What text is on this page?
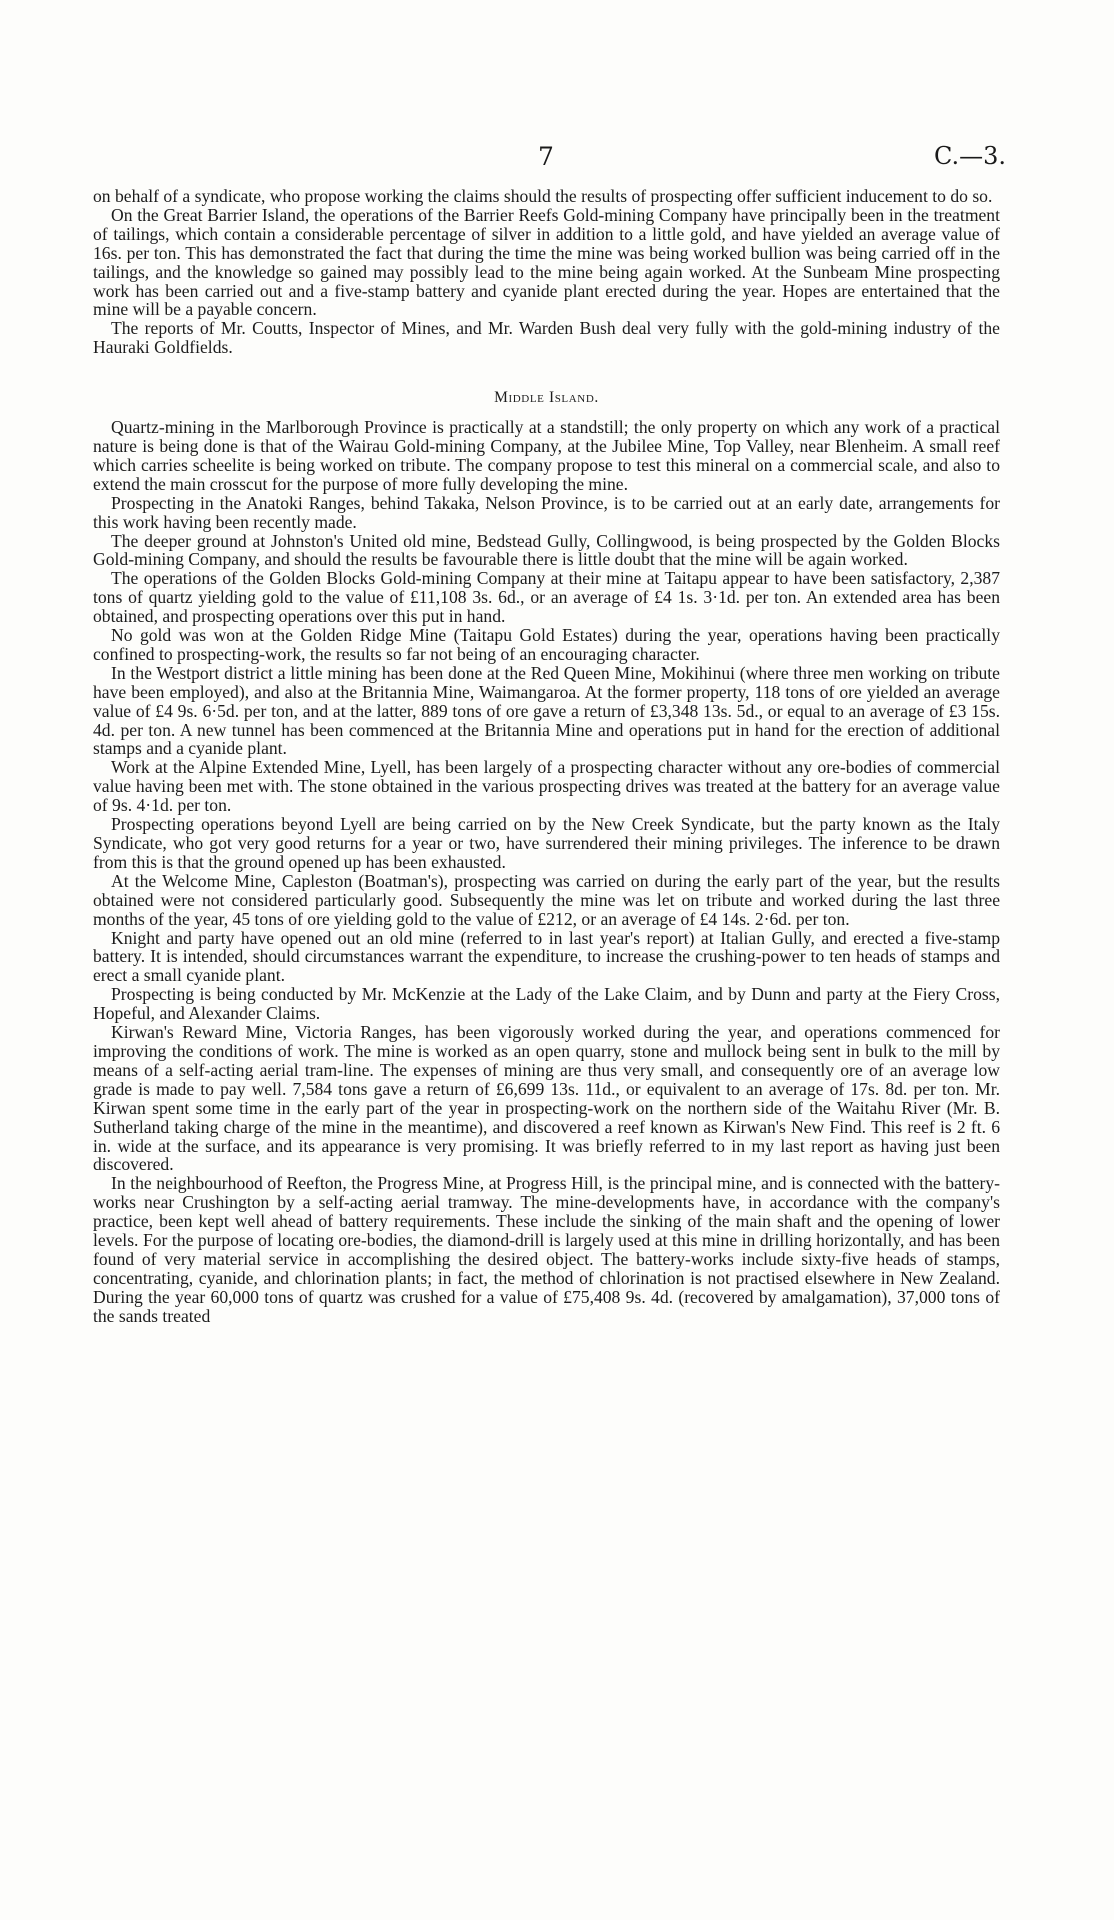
7	C.—3.

on behalf of a syndicate, who propose working the claims should the results of prospecting offer sufficient inducement to do so.

On the Great Barrier Island, the operations of the Barrier Reefs Gold-mining Company have principally been in the treatment of tailings, which contain a considerable percentage of silver in addition to a little gold, and have yielded an average value of 16s. per ton. This has demonstrated the fact that during the time the mine was being worked bullion was being carried off in the tailings, and the knowledge so gained may possibly lead to the mine being again worked. At the Sunbeam Mine prospecting work has been carried out and a five-stamp battery and cyanide plant erected during the year. Hopes are entertained that the mine will be a payable concern.

The reports of Mr. Coutts, Inspector of Mines, and Mr. Warden Bush deal very fully with the gold-mining industry of the Hauraki Goldfields.

Middle Island.

Quartz-mining in the Marlborough Province is practically at a standstill; the only property on which any work of a practical nature is being done is that of the Wairau Gold-mining Company, at the Jubilee Mine, Top Valley, near Blenheim. A small reef which carries scheelite is being worked on tribute. The company propose to test this mineral on a commercial scale, and also to extend the main crosscut for the purpose of more fully developing the mine.

Prospecting in the Anatoki Ranges, behind Takaka, Nelson Province, is to be carried out at an early date, arrangements for this work having been recently made.

The deeper ground at Johnston's United old mine, Bedstead Gully, Collingwood, is being prospected by the Golden Blocks Gold-mining Company, and should the results be favourable there is little doubt that the mine will be again worked.

The operations of the Golden Blocks Gold-mining Company at their mine at Taitapu appear to have been satisfactory, 2,387 tons of quartz yielding gold to the value of £11,108 3s. 6d., or an average of £4 1s. 3·1d. per ton. An extended area has been obtained, and prospecting operations over this put in hand.

No gold was won at the Golden Ridge Mine (Taitapu Gold Estates) during the year, operations having been practically confined to prospecting-work, the results so far not being of an encouraging character.

In the Westport district a little mining has been done at the Red Queen Mine, Mokihinui (where three men working on tribute have been employed), and also at the Britannia Mine, Waimangaroa. At the former property, 118 tons of ore yielded an average value of £4 9s. 6·5d. per ton, and at the latter, 889 tons of ore gave a return of £3,348 13s. 5d., or equal to an average of £3 15s. 4d. per ton. A new tunnel has been commenced at the Britannia Mine and operations put in hand for the erection of additional stamps and a cyanide plant.

Work at the Alpine Extended Mine, Lyell, has been largely of a prospecting character without any ore-bodies of commercial value having been met with. The stone obtained in the various prospecting drives was treated at the battery for an average value of 9s. 4·1d. per ton.

Prospecting operations beyond Lyell are being carried on by the New Creek Syndicate, but the party known as the Italy Syndicate, who got very good returns for a year or two, have surrendered their mining privileges. The inference to be drawn from this is that the ground opened up has been exhausted.

At the Welcome Mine, Capleston (Boatman's), prospecting was carried on during the early part of the year, but the results obtained were not considered particularly good. Subsequently the mine was let on tribute and worked during the last three months of the year, 45 tons of ore yielding gold to the value of £212, or an average of £4 14s. 2·6d. per ton.

Knight and party have opened out an old mine (referred to in last year's report) at Italian Gully, and erected a five-stamp battery. It is intended, should circumstances warrant the expenditure, to increase the crushing-power to ten heads of stamps and erect a small cyanide plant.

Prospecting is being conducted by Mr. McKenzie at the Lady of the Lake Claim, and by Dunn and party at the Fiery Cross, Hopeful, and Alexander Claims.

Kirwan's Reward Mine, Victoria Ranges, has been vigorously worked during the year, and operations commenced for improving the conditions of work. The mine is worked as an open quarry, stone and mullock being sent in bulk to the mill by means of a self-acting aerial tram-line. The expenses of mining are thus very small, and consequently ore of an average low grade is made to pay well. 7,584 tons gave a return of £6,699 13s. 11d., or equivalent to an average of 17s. 8d. per ton. Mr. Kirwan spent some time in the early part of the year in prospecting-work on the northern side of the Waitahu River (Mr. B. Sutherland taking charge of the mine in the meantime), and discovered a reef known as Kirwan's New Find. This reef is 2 ft. 6 in. wide at the surface, and its appearance is very promising. It was briefly referred to in my last report as having just been discovered.

In the neighbourhood of Reefton, the Progress Mine, at Progress Hill, is the principal mine, and is connected with the battery-works near Crushington by a self-acting aerial tramway. The mine-developments have, in accordance with the company's practice, been kept well ahead of battery requirements. These include the sinking of the main shaft and the opening of lower levels. For the purpose of locating ore-bodies, the diamond-drill is largely used at this mine in drilling horizontally, and has been found of very material service in accomplishing the desired object. The battery-works include sixty-five heads of stamps, concentrating, cyanide, and chlorination plants; in fact, the method of chlorination is not practised elsewhere in New Zealand. During the year 60,000 tons of quartz was crushed for a value of £75,408 9s. 4d. (recovered by amalgamation), 37,000 tons of the sands treated
